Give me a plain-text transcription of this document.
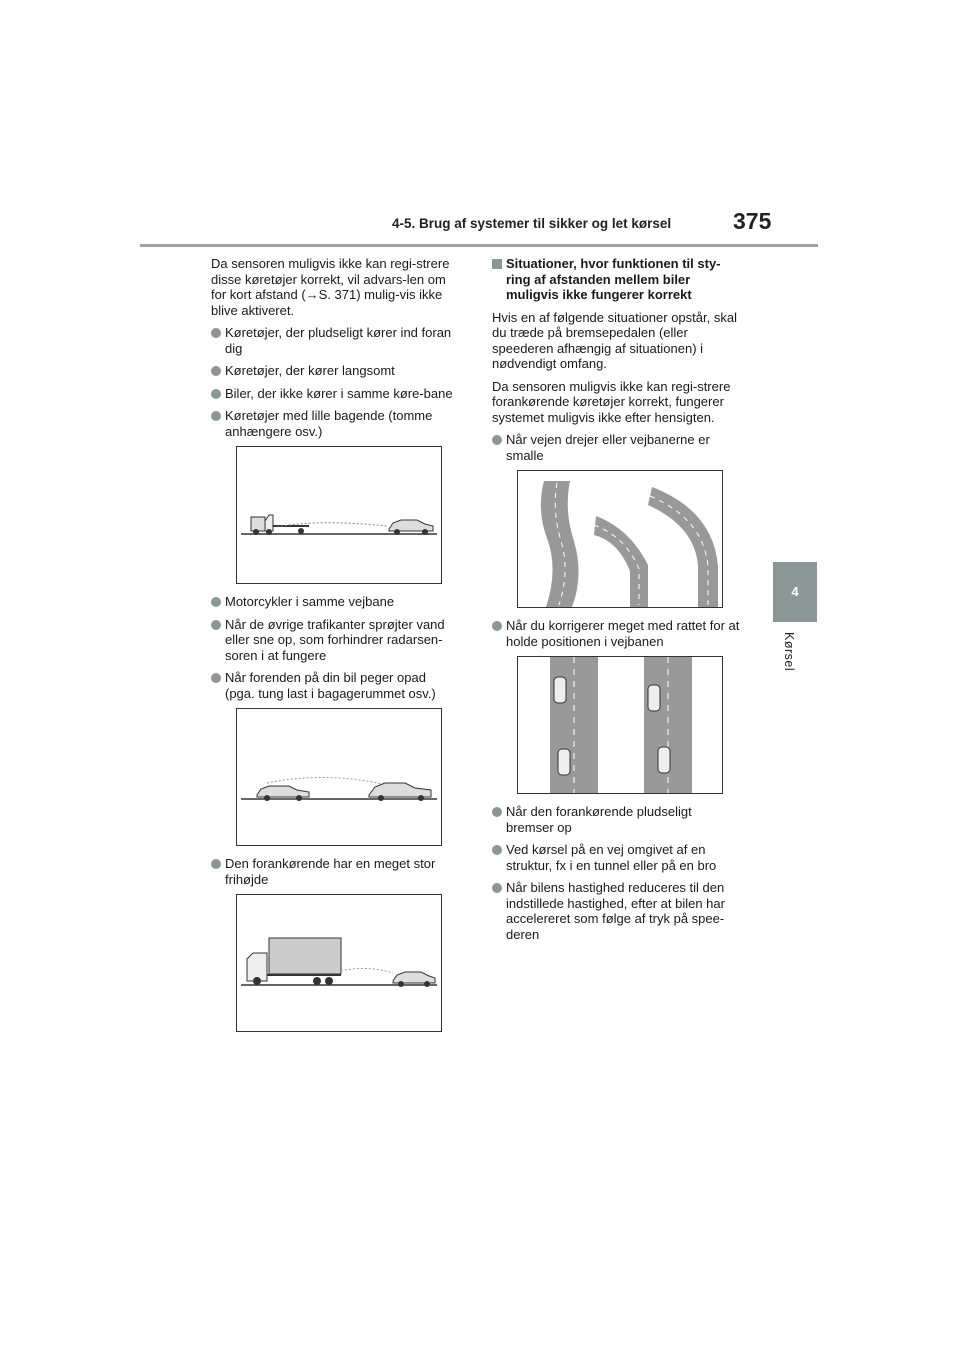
4-5. Brug af systemer til sikker og let kørsel	375
4
Kørsel

Da sensoren muligvis ikke kan regi-strere disse køretøjer korrekt, vil advars-len om for kort afstand (→S. 371) mulig-vis ikke blive aktiveret.

Køretøjer, der pludseligt kører ind foran dig
Køretøjer, der kører langsomt
Biler, der ikke kører i samme køre-bane
Køretøjer med lille bagende (tomme anhængere osv.)
Motorcykler i samme vejbane
Når de øvrige trafikanter sprøjter vand eller sne op, som forhindrer radarsen-soren i at fungere
Når forenden på din bil peger opad (pga. tung last i bagagerummet osv.)
Den forankørende har en meget stor frihøjde
Situationer, hvor funktionen til sty-ring af afstanden mellem biler muligvis ikke fungerer korrekt

Hvis en af følgende situationer opstår, skal du træde på bremsepedalen (eller speederen afhængig af situationen) i nødvendigt omfang.

Da sensoren muligvis ikke kan regi-strere forankørende køretøjer korrekt, fungerer systemet muligvis ikke efter hensigten.

Når vejen drejer eller vejbanerne er smalle
Når du korrigerer meget med rattet for at holde positionen i vejbanen
Når den forankørende pludseligt bremser op
Ved kørsel på en vej omgivet af en struktur, fx i en tunnel eller på en bro
Når bilens hastighed reduceres til den indstillede hastighed, efter at bilen har accelereret som følge af tryk på spee-deren
